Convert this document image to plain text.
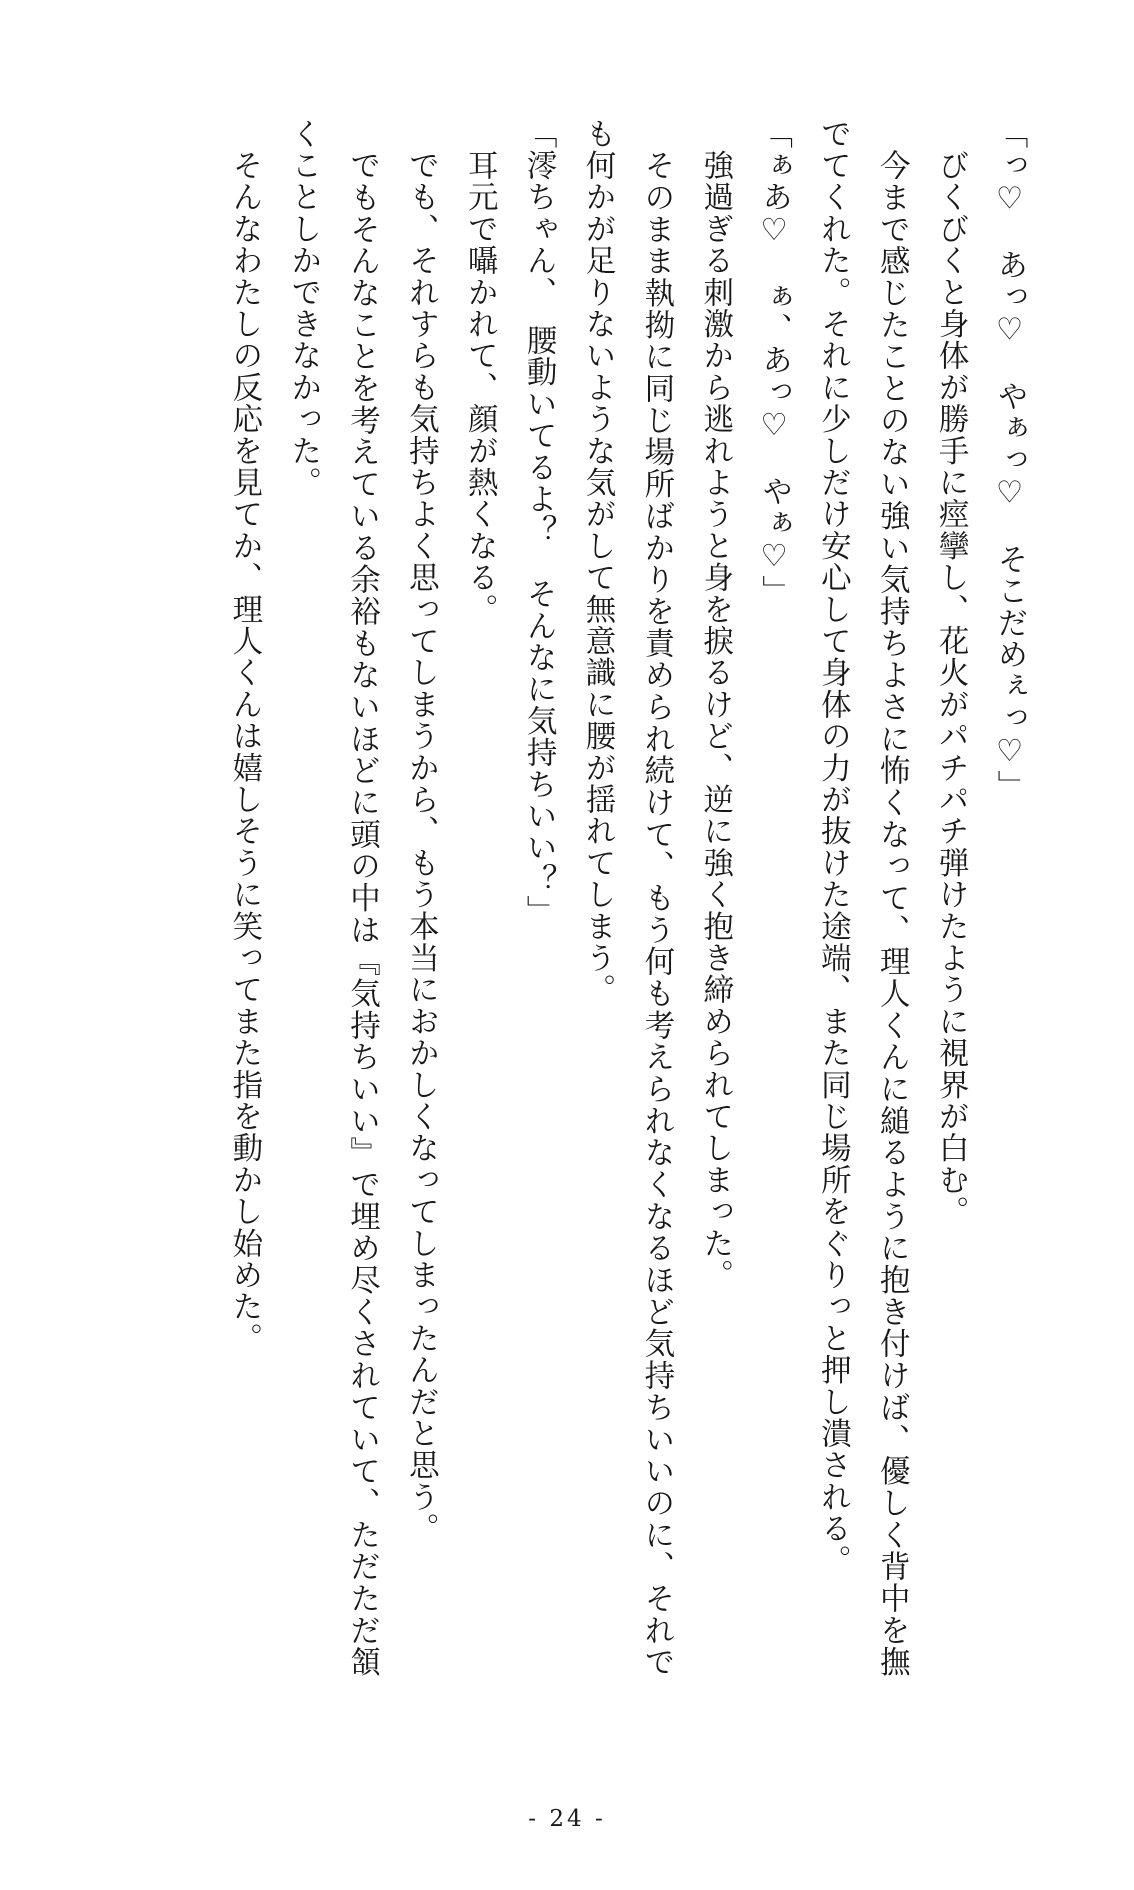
「っ♡　あっ♡　やぁっ♡　そこだめぇっ♡」

　びくびくと身体が勝手に痙攣し、花火がパチパチ弾けたように視界が白む。

　今まで感じたことのない強い気持ちよさに怖くなって、理人くんに縋るように抱き付けば、優しく背中を撫でてくれた。それに少しだけ安心して身体の力が抜けた途端、また同じ場所をぐりっと押し潰される。

「ぁあ♡　ぁ、あっ♡　やぁ♡」

　強過ぎる刺激から逃れようと身を捩るけど、逆に強く抱き締められてしまった。

　そのまま執拗に同じ場所ばかりを責められ続けて、もう何も考えられなくなるほど気持ちいいのに、それでも何かが足りないような気がして無意識に腰が揺れてしまう。

「澪ちゃん、　腰動いてるよ？　そんなに気持ちいい？」

　耳元で囁かれて、顔が熱くなる。

　でも、それすらも気持ちよく思ってしまうから、もう本当におかしくなってしまったんだと思う。

　でもそんなことを考えている余裕もないほどに頭の中は『気持ちいい』で埋め尽くされていて、ただただ頷くことしかできなかった。

　そんなわたしの反応を見てか、理人くんは嬉しそうに笑ってまた指を動かし始めた。

- 24 -
